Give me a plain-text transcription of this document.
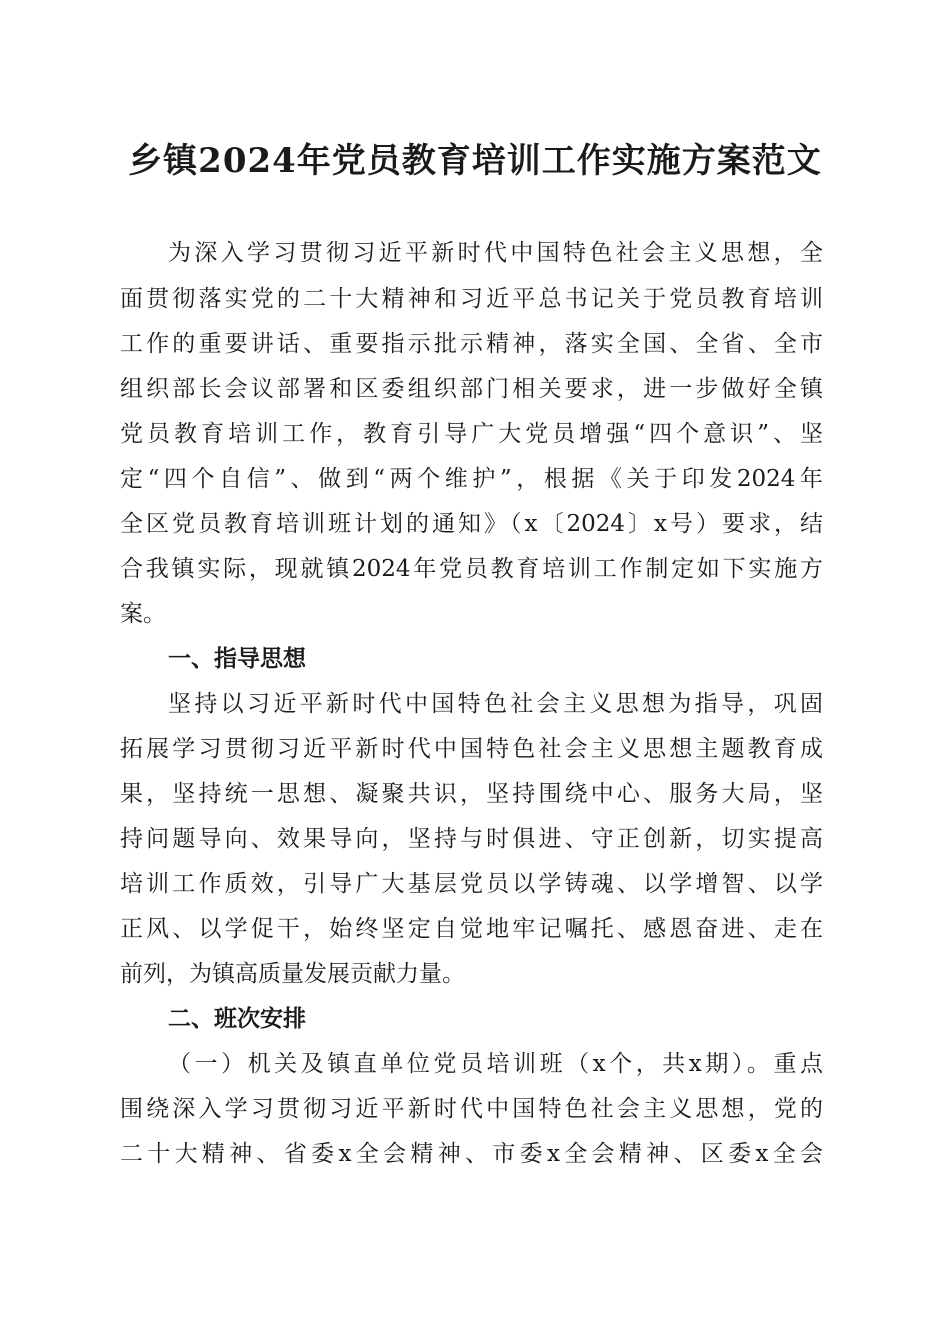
乡镇2024年党员教育培训工作实施方案范文

为深入学习贯彻习近平新时代中国特色社会主义思想，全

面贯彻落实党的二十大精神和习近平总书记关于党员教育培训

工作的重要讲话、重要指示批示精神，落实全国、全省、全市

组织部长会议部署和区委组织部门相关要求，进一步做好全镇

党员教育培训工作，教育引导广大党员增强“四个意识”、坚

定“四个自信”、做到“两个维护”，根据《关于印发2024年

全区党员教育培训班计划的通知》（x〔2024〕x号）要求，结

合我镇实际，现就镇2024年党员教育培训工作制定如下实施方

案。

一、指导思想

坚持以习近平新时代中国特色社会主义思想为指导，巩固

拓展学习贯彻习近平新时代中国特色社会主义思想主题教育成

果，坚持统一思想、凝聚共识，坚持围绕中心、服务大局，坚

持问题导向、效果导向，坚持与时俱进、守正创新，切实提高

培训工作质效，引导广大基层党员以学铸魂、以学增智、以学

正风、以学促干，始终坚定自觉地牢记嘱托、感恩奋进、走在

前列，为镇高质量发展贡献力量。

二、班次安排

（一）机关及镇直单位党员培训班（x个，共x期）。重点

围绕深入学习贯彻习近平新时代中国特色社会主义思想，党的

二十大精神、省委x全会精神、市委x全会精神、区委x全会
